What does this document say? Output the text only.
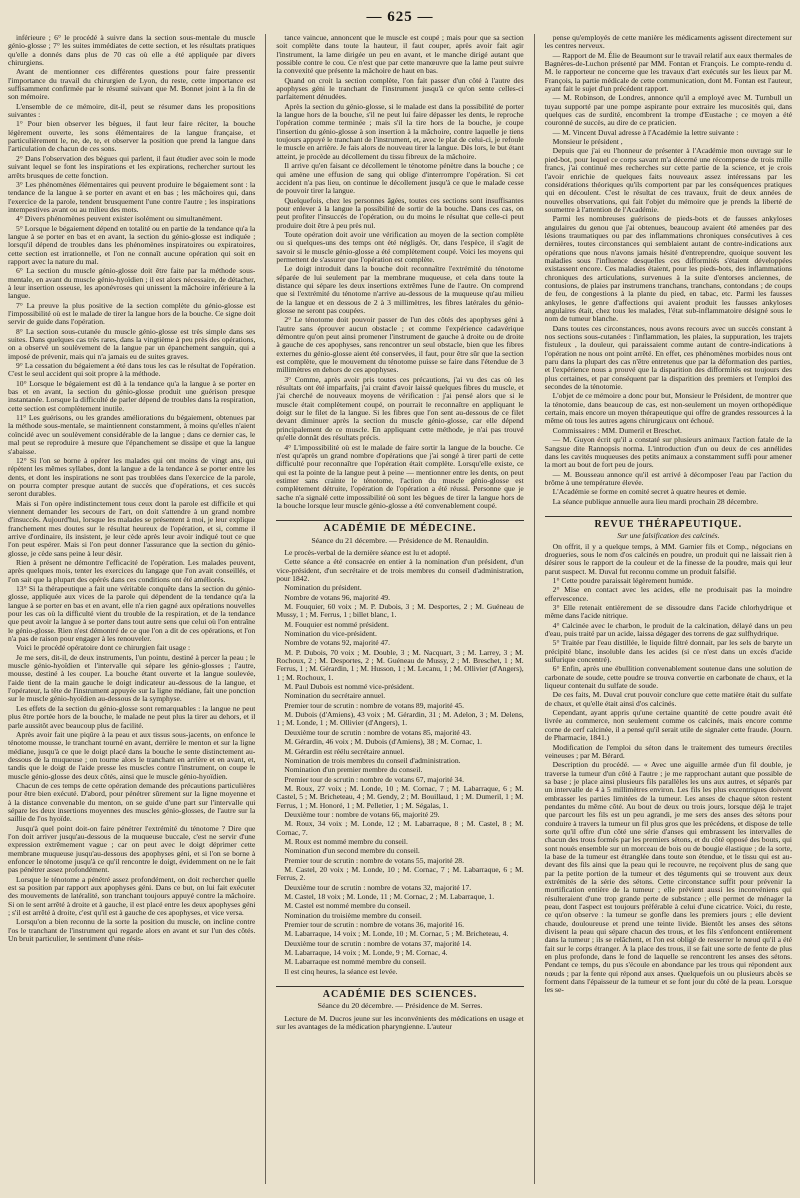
— 625 —

inférieure ; 6° le procédé à suivre dans la section sous-mentale du muscle génio-glosse ; 7° les suites immédiates de cette section, et les résultats pratiques qu'elle a donnés dans plus de 70 cas où elle a été appliquée par divers chirurgiens.

Avant de mentionner ces différentes questions pour faire pressentir l'importance du travail du chirurgien de Lyon, du reste, cette importance est suffisamment confirmée par le résumé suivant que M. Bonnet joint à la fin de son mémoire.

L'ensemble de ce mémoire, dit-il, peut se résumer dans les propositions suivantes :

1° Pour bien observer les bègues, il faut leur faire réciter, la bouche légèrement ouverte, les sons élémentaires de la langue française, et particulièrement le, ne, de, te, et observer la position que prend la langue dans l'articulation de chacun de ces sons.

2° Dans l'observation des bègues qui parlent, il faut étudier avec soin le mode suivant lequel se font les inspirations et les expirations, rechercher surtout les arrêts brusques de cette fonction.

3° Les phénomènes élémentaires qui peuvent produire le bégaiement sont : la tendance de la langue à se porter en avant et en bas ; les mâchoires qui, dans l'exercice de la parole, tendent brusquement l'une contre l'autre ; les inspirations intempestives avant ou au milieu des mots.

4° Divers phénomènes peuvent exister isolément ou simultanément.

5° Lorsque le bégaiement dépend en totalité ou en partie de la tendance qu'a la langue à se porter en bas et en avant, la section du génio-glosse est indiquée ; lorsqu'il dépend de troubles dans les phénomènes inspiratoires ou expiratoires, cette section est irrationnelle, et l'on ne connaît aucune opération qui soit en rapport avec la nature du mal.

6° La section du muscle génio-glosse doit être faite par la méthode sous-mentale, en avant du muscle génio-hyoïdien ; il est alors nécessaire, de détacher, à leur insertion osseuse, les aponévroses qui unissent la mâchoire inférieure à la langue.

7° La preuve la plus positive de la section complète du génio-glosse est l'impossibilité où est le malade de tirer la langue hors de la bouche. Ce signe doit servir de guide dans l'opération.

8° La section sous-cutanée du muscle génio-glosse est très simple dans ses suites. Dans quelques cas très rares, dans la vingtième à peu près des opérations, on a observé un soulèvement de la langue par un épanchement sanguin, qui a imposé de prévenir, mais qui n'a jamais eu de suites graves.

9° La cessation du bégaiement a été dans tous les cas le résultat de l'opération. C'est le seul accident qui soit propre à la méthode.

10° Lorsque le bégaiement est dû à la tendance qu'a la langue à se porter en bas et en avant, la section du génio-glosse produit une guérison presque instantanée. Lorsque la difficulté de parler dépend de troubles dans la respiration, cette section est complètement inutile.

11° Les guérisons, ou les grandes améliorations du bégaiement, obtenues par la méthode sous-mentale, se maintiennent constamment, à moins qu'elles n'aient coïncidé avec un soulèvement considérable de la langue ; dans ce dernier cas, le mal peut se reproduire à mesure que l'épanchement se dissipe et que la langue s'abaisse.

12° Si l'on se borne à opérer les malades qui ont moins de vingt ans, qui répètent les mêmes syllabes, dont la langue a de la tendance à se porter entre les dents, et dont les inspirations ne sont pas troublées dans l'exercice de la parole, on pourra compter presque autant de succès que d'opérations, et ces succès seront durables.

Mais si l'on opère indistinctement tous ceux dont la parole est difficile et qui viennent demander les secours de l'art, on doit s'attendre à un grand nombre d'insuccès. Aujourd'hui, lorsque les malades se présentent à moi, je leur explique franchement mes doutes sur le résultat heureux de l'opération, et si, comme il arrive d'ordinaire, ils insistent, je leur cède après leur avoir indiqué tout ce que l'on peut espérer. Mais si l'on peut donner l'assurance que la section du génio-glosse, je cède sans peine à leur désir.

Rien à présent ne démontre l'efficacité de l'opération. Les malades peuvent, après quelques mois, tenter les exercices du langage que l'on avait conseillés, et l'on sait que la plupart des opérés dans ces conditions ont été améliorés.

13° Si la thérapeutique a fait une véritable conquête dans la section du génio-glosse, appliquée aux vices de la parole qui dépendent de la tendance qu'a la langue à se porter en bas et en avant, elle n'a rien gagné aux opérations nouvelles pour les cas où la difficulté vient du trouble de la respiration, et de la tendance que peut avoir la langue à se porter dans tout autre sens que celui où l'on entraîne le génio-glosse. Rien n'est démontré de ce que l'on a dit de ces opérations, et l'on n'a pas de raison pour engager à les renouveler.

Voici le procédé opératoire dont ce chirurgien fait usage :

Je me sers, dit-il, de deux instruments, l'un pointu, destiné à percer la peau ; le muscle génio-hyoïdien et l'intervalle qui sépare les génio-glosses ; l'autre, mousse, destiné à les couper. La bouche étant ouverte et la langue soulevée, l'aide tient de la main gauche le doigt indicateur au-dessous de la langue, et l'opérateur, la tête de l'instrument appuyée sur la ligne médiane, fait une ponction sur le muscle génio-hyoïdien au-dessous de la symphyse.

Les effets de la section du génio-glosse sont remarquables : la langue ne peut plus être portée hors de la bouche, le malade ne peut plus la tirer au dehors, et il parle aussitôt avec beaucoup plus de facilité.

Après avoir fait une piqûre à la peau et aux tissus sous-jacents, on enfonce le ténotome mousse, le tranchant tourné en avant, derrière le menton et sur la ligne médiane, jusqu'à ce que le doigt placé dans la bouche le sente distinctement au-dessous de la muqueuse ; on tourne alors le tranchant en arrière et en avant, et, tandis que le doigt de l'aide presse les muscles contre l'instrument, on coupe le muscle génio-glosse des deux côtés, ainsi que le muscle génio-hyoïdien.

Chacun de ces temps de cette opération demande des précautions particulières pour être bien exécuté. D'abord, pour pénétrer sûrement sur la ligne moyenne et à la distance convenable du menton, on se guide d'une part sur l'intervalle qui sépare les deux insertions moyennes des muscles génio-glosses, de l'autre sur la saillie de l'os hyoïde.

Jusqu'à quel point doit-on faire pénétrer l'extrémité du ténotome ? Dire que l'on doit arriver jusqu'au-dessous de la muqueuse buccale, c'est ne servir d'une expression extrêmement vague ; car on peut avec le doigt déprimer cette membrane muqueuse jusqu'au-dessous des apophyses géni, et si l'on se borne à enfoncer le ténotome jusqu'à ce qu'il rencontre le doigt, évidemment on ne le fait pas pénétrer assez profondément.

Lorsque le ténotome a pénétré assez profondément, on doit rechercher quelle est sa position par rapport aux apophyses géni. Dans ce but, on lui fait exécuter des mouvements de latéralité, son tranchant toujours appuyé contre la mâchoire. Si on le sent arrêté à droite et à gauche, il est placé entre les deux apophyses géni ; s'il est arrêté à droite, c'est qu'il est à gauche de ces apophyses, et vice versa.

Lorsqu'on a bien reconnu de la sorte la position du muscle, on incline contre l'os le tranchant de l'instrument qui regarde alors en avant et sur l'un des côtés. Un bruit particulier, le sentiment d'une résis-

tance vaincue, annoncent que le muscle est coupé ; mais pour que sa section soit complète dans toute la hauteur, il faut couper, après avoir fait agir l'instrument, la lame dirigée un peu en avant, et le manche dirigé autant que possible contre le cou. Ce n'est que par cette manœuvre que la lame peut suivre la convexité que présente la mâchoire de haut en bas.

Quand on croit la section complète, l'on fait passer d'un côté à l'autre des apophyses géni le tranchant de l'instrument jusqu'à ce qu'on sente celles-ci parfaitement dénudées.

Après la section du génio-glosse, si le malade est dans la possibilité de porter la langue hors de la bouche, s'il ne peut lui faire dépasser les dents, le reproche l'opération comme terminée ; mais s'il la tire hors de la bouche, je coupe l'insertion du génio-glosse à son insertion à la mâchoire, contre laquelle je tiens toujours appuyé le tranchant de l'instrument, et, avec le plat de celui-ci, je refoule le muscle en arrière. Je fais alors de nouveau tirer la langue. Dès lors, le but étant atteint, je procède au décollement du tissu fibreux de la mâchoire.

Il arrive qu'en faisant ce décollement le ténotome pénètre dans la bouche ; ce qui amène une effusion de sang qui oblige d'interrompre l'opération. Si cet accident n'a pas lieu, on continue le décollement jusqu'à ce que le malade cesse de pouvoir tirer la langue.

Quelquefois, chez les personnes âgées, toutes ces sections sont insuffisantes pour enlever à la langue la possibilité de sortir de la bouche. Dans ces cas, on peut profiter l'insuccès de l'opération, ou du moins le résultat que celle-ci peut produire doit être à peu près nul.

Toute opération doit avoir une vérification au moyen de la section complète ou si quelques-uns des temps ont été négligés. Or, dans l'espèce, il s'agit de savoir si le muscle génio-glosse a été complètement coupé. Voici les moyens qui permettent de s'assurer que l'opération est complète.

Le doigt introduit dans la bouche doit reconnaître l'extrémité du ténotome séparée de lui seulement par la membrane muqueuse, et cela dans toute la distance qui sépare les deux insertions extrêmes l'une de l'autre. On comprend que si l'extrémité du ténotome n'arrive au-dessous de la muqueuse qu'au milieu de la langue et en dessous de 2 à 3 millimètres, les fibres latérales du génio-glosse ne seront pas coupées.

2° Le ténotome doit pouvoir passer de l'un des côtés des apophyses géni à l'autre sans éprouver aucun obstacle ; et comme l'expérience cadavérique démontre qu'on peut ainsi promener l'instrument de gauche à droite ou de droite à gauche de ces apophyses, sans rencontrer un seul obstacle, bien que les fibres externes du génio-glosse aient été conservées, il faut, pour être sûr que la section est complète, que le mouvement du ténotome puisse se faire dans l'étendue de 3 millimètres en dehors de ces apophyses.

3° Comme, après avoir pris toutes ces précautions, j'ai vu des cas où les résultats ont été imparfaits, j'ai craint d'avoir laissé quelques fibres du muscle, et j'ai cherché de nouveaux moyens de vérification : j'ai pensé alors que si le muscle était complètement coupé, on pourrait le reconnaître en appliquant le doigt sur le filet de la langue. Si les fibres que l'on sent au-dessous de ce filet devant diminuer après la section du muscle génio-glosse, car elle dépend principalement de ce muscle. En appliquant cette méthode, je n'ai pas trouvé qu'elle donnât des résultats précis.

4° L'impossibilité où est le malade de faire sortir la langue de la bouche. Ce n'est qu'après un grand nombre d'opérations que j'ai songé à tirer parti de cette difficulté pour reconnaître que l'opération était complète. Lorsqu'elle existe, ce qui est la pointe de la langue peut à peine — mentionner entre les dents, on peut estimer sans crainte le ténotome, l'action du muscle génio-glosse est complètement détruite, l'opération de l'opération a été réussi. Personne que je sache n'a signalé cette impossibilité où sont les bègues de tirer la langue hors de la bouche lorsque leur muscle génio-glosse a été convenablement coupé.

ACADÉMIE DE MÉDECINE.
Séance du 21 décembre. — Présidence de M. Renauldin.

Le procès-verbal de la dernière séance est lu et adopté.

Cette séance a été consacrée en entier à la nomination d'un président, d'un vice-président, d'un secrétaire et de trois membres du conseil d'administration, pour 1842.

Nomination du président.

Nombre de votans 96, majorité 49.

M. Fouquier, 60 voix ; M. P. Dubois, 3 ; M. Desportes, 2 ; M. Guéneau de Mussy, 1 ; M. Ferrus, 1 ; billet blanc, 1.

M. Fouquier est nommé président.

Nomination du vice-président.

Nombre de votans 92, majorité 47.

M. P. Dubois, 70 voix ; M. Double, 3 ; M. Nacquart, 3 ; M. Larrey, 3 ; M. Rochoux, 2 ; M. Desportes, 2 ; M. Guéneau de Mussy, 2 ; M. Breschet, 1 ; M. Ferrus, 1 ; M. Gérardin, 1 ; M. Husson, 1 ; M. Lecanu, 1 ; M. Ollivier (d'Angers), 1 ; M. Rochoux, 1.

M. Paul Dubois est nommé vice-président.

Nomination du secrétaire annuel.

Premier tour de scrutin : nombre de votans 89, majorité 45.

M. Dubois (d'Amiens), 43 voix ; M. Gérardin, 31 ; M. Adelon, 3 ; M. Delens, 1 ; M. Londe, 1 ; M. Ollivier (d'Angers), 1.

Deuxième tour de scrutin : nombre de votans 85, majorité 43.

M. Gérardin, 46 voix ; M. Dubois (d'Amiens), 38 ; M. Cornac, 1.

M. Gérardin est réélu secrétaire annuel.

Nomination de trois membres du conseil d'administration.

Nomination d'un premier membre du conseil.

Premier tour de scrutin : nombre de votans 67, majorité 34.

M. Roux, 27 voix ; M. Londe, 10 ; M. Cornac, 7 ; M. Labarraque, 6 ; M. Castel, 5 ; M. Bricheteau, 4 ; M. Gendy, 2 ; M. Bouillaud, 1 ; M. Dumeril, 1 ; M. Ferrus, 1 ; M. Honoré, 1 ; M. Pelletier, 1 ; M. Ségalas, 1.

Deuxième tour : nombre de votans 66, majorité 29.

M. Roux, 34 voix ; M. Londe, 12 ; M. Labarraque, 8 ; M. Castel, 8 ; M. Cornac, 7.

M. Roux est nommé membre du conseil.

Nomination d'un second membre du conseil.

Premier tour de scrutin : nombre de votans 55, majorité 28.

M. Castel, 20 voix ; M. Londe, 10 ; M. Cornac, 7 ; M. Labarraque, 6 ; M. Ferrus, 2.

Deuxième tour de scrutin : nombre de votans 32, majorité 17.

M. Castel, 18 voix ; M. Londe, 11 ; M. Cornac, 2 ; M. Labarraque, 1.

M. Castel est nommé membre du conseil.

Nomination du troisième membre du conseil.

Premier tour de scrutin : nombre de votans 36, majorité 16.

M. Labarraque, 14 voix ; M. Londe, 10 ; M. Cornac, 5 ; M. Bricheteau, 4.

Deuxième tour de scrutin : nombre de votans 37, majorité 14.

M. Labarraque, 14 voix ; M. Londe, 9 ; M. Cornac, 4.

M. Labarraque est nommé membre du conseil.

Il est cinq heures, la séance est levée.

ACADÉMIE DES SCIENCES.
Séance du 20 décembre. — Présidence de M. Serres.

Lecture de M. Ducros jeune sur les inconvénients des médications en usage et sur les avantages de la médication pharyngienne. L'auteur

pense qu'employés de cette manière les médicaments agissent directement sur les centres nerveux.

— Rapport de M. Élie de Beaumont sur le travail relatif aux eaux thermales de Bagnères-de-Luchon présenté par MM. Fontan et François. Le compte-rendu d. M. le rapporteur ne concerne que les travaux d'art exécutés sur les lieux par M. François, la partie médicale de cette communication, dont M. Fontan est l'auteur, ayant fait le sujet d'un précédent rapport.

— M. Robinson, de Londres, annonce qu'il a employé avec M. Turnbull un tuyau supporté par une pompe aspirante pour extraire les mucosités qui, dans quelques cas de surdité, encombrent la trompe d'Eustache ; ce moyen a été couronné de succès, au dire de ce praticien.

— M. Vincent Duval adresse à l'Académie la lettre suivante :

Monsieur le président ,

Depuis que j'ai eu l'honneur de présenter à l'Académie mon ouvrage sur le pied-bot, pour lequel ce corps savant m'a décerné une récompense de trois mille francs, j'ai continué mes recherches sur cette partie de la science, et je crois l'avoir enrichie de quelques faits nouveaux assez intéressans par les considérations théoriques qu'ils comportent par par les conséquences pratiques qui en découlent. C'est le résultat de ces travaux, fruit de deux années de nouvelles observations, qui fait l'objet du mémoire que je prends la liberté de soumettre à l'attention de l'Académie.

Parmi les nombreuses guérisons de pieds-bots et de fausses ankyloses angulaires du genou que j'ai obtenues, beaucoup avaient été amenées par des lésions traumatiques ou par des inflammations chroniques consécutives à ces dernières, toutes circonstances qui semblaient autant de contre-indications aux opérations que nous n'avons jamais hésité d'entreprendre, quoique souvent les maladies sous l'influence desquelles ces difformités s'étaient développées existassent encore. Ces maladies étaient, pour les pieds-bots, des inflammations chroniques des articulations, survenues à la suite d'entorses anciennes, de contusions, de plaies par instrumens tranchans, tranchans, contondans ; de coups de feu, de congestions à la plante du pied, en tabac, etc. Parmi les fausses ankyloses, le genre d'affections qui avaient produit les fausses ankyloses angulaires était, chez tous les malades, l'état sub-inflammatoire désigné sous le nom de tumeur blanche.

Dans toutes ces circonstances, nous avons recours avec un succès constant à nos sections sous-cutanées : l'inflammation, les plaies, la suppuration, les trajets fistuleux , la douleur, qui paraissaient comme autant de contre-indications à l'opération ne nous ont point arrêté. En effet, ces phénomènes morbides nous ont paru dans la plupart des cas n'être entretenus que par la déformation des parties, et l'expérience nous a prouvé que la disparition des difformités est toujours des plus certaines, et par conséquent par la disparition des premiers et l'emploi des secondes de la ténotomie.

L'objet de ce mémoire a donc pour but, Monsieur le Président, de montrer que la ténotomie, dans beaucoup de cas, est non-seulement un moyen orthopédique certain, mais encore un moyen thérapeutique qui offre de grandes ressources à la même où tous les autres agens chirurgicaux ont échoué.

Commissaires : MM. Dumeril et Breschet.

— M. Guyon écrit qu'il a constaté sur plusieurs animaux l'action fatale de la Sangsue dite Rannopsis norma. L'introduction d'un ou deux de ces annélides dans les cavités muqueuses des petits animaux a constamment suffi pour amener la mort au bout de fort peu de jours.

— M. Bousseau annonce qu'il est arrivé à décomposer l'eau par l'action du brôme à une température élevée.

L'Académie se forme en comité secret à quatre heures et demie.

La séance publique annuelle aura lieu mardi prochain 28 décembre.

REVUE THÉRAPEUTIQUE.
Sur une falsification des calcinés.

On offrit, il y a quelque temps, à MM. Garnier fils et Comp., négocians en drogueries, sous le nom d'os calcinés en poudre, un produit qui ne laissait rien à désirer sous le rapport de la couleur et de la finesse de la poudre, mais qui leur parut suspect. M. Duval fut reconnu comme un produit falsifié.

1° Cette poudre paraissait légèrement humide.

2° Mise en contact avec les acides, elle ne produisait pas la moindre effervescence.

3° Elle retenait entièrement de se dissoudre dans l'acide chlorhydrique et même dans l'acide nitrique.

4° Calcinée avec le charbon, le produit de la calcination, délayé dans un peu d'eau, puis traité par un acide, laissa dégager des torrens de gaz sulfhydrique.

5° Traitée par l'eau distillée, le liquide filtré donnait, par les sels de baryte un précipité blanc, insoluble dans les acides (si ce n'est dans un excès d'acide sulfurique concentré).

6° Enfin, après une ébullition convenablement soutenue dans une solution de carbonate de soude, cette poudre se trouva convertie en carbonate de chaux, et la liqueur contenait du sulfate de soude.

De ces faits, M. Duval crut pouvoir conclure que cette matière était du sulfate de chaux, et qu'elle était ainsi d'os calcinés.

Cependant, ayant appris qu'une certaine quantité de cette poudre avait été livrée au commerce, non seulement comme os calcinés, mais encore comme corne de cerf calcinée, il a pensé qu'il serait utile de signaler cette fraude. (Journ. de Pharmacie, 1841.)

Modification de l'emploi du séton dans le traitement des tumeurs érectiles veineuses ; par M. Bérard.

Description du procédé. — « Avec une aiguille armée d'un fil double, je traverse la tumeur d'un côté à l'autre ; je me rapprochant autant que possible de sa base ; je place ainsi plusieurs fils parallèles les uns aux autres, et séparés par un intervalle de 4 à 5 millimètres environ. Les fils les plus excentriques doivent embrasser les parties limitées de la tumeur. Les anses de chaque séton restent pendantes du même côté. Au bout de deux ou trois jours, lorsque déjà le trajet que parcourt les fils est un peu agrandi, je me sers des anses des sétons pour conduire à travers la tumeur un fil plus gros que les précédens, et dispose de telle sorte qu'il offre d'un côté une série d'anses qui embrassent les intervalles de chacun des trous formés par les premiers sétons, et du côté opposé des bouts, qui sont noués ensemble sur un morceau de bois ou de bougie élastique ; de la sorte, la base de la tumeur est étranglée dans toute son étendue, et le tissu qui est au-devant des fils ainsi que la peau qui le recouvre, ne reçoivent plus de sang que par la petite portion de la tumeur et des téguments qui se trouvent aux deux extrémités de la série des sétons. Cette circonstance suffit pour prévenir la mortification entière de la tumeur ; elle prévient aussi les inconvéniens qui résulteraient d'une trop grande perte de substance ; elle permet de ménager la peau, dont l'aspect est toujours préférable à celui d'une cicatrice. Voici, du reste, ce qu'on observe : la tumeur se gonfle dans les premiers jours ; elle devient chaude, douloureuse et prend une teinte livide. Bientôt les anses des sétons divisent la peau qui sépare chacun des trous, et les fils s'enfoncent entièrement dans la tumeur ; ils se relâchent, et l'on est obligé de resserrer le nœud qu'il a été fait sur le corps étranger. À la place des trous, il se fait une sorte de fente de plus en plus profonde, dans le fond de laquelle se rencontrent les anses des sétons. Pendant ce temps, du pus s'écoule en abondance par les trous qui répondent aux nœuds ; par la fente qui répond aux anses. Quelquefois un ou plusieurs abcès se forment dans l'épaisseur de la tumeur et se font jour du côté de la peau. Lorsque les se-
